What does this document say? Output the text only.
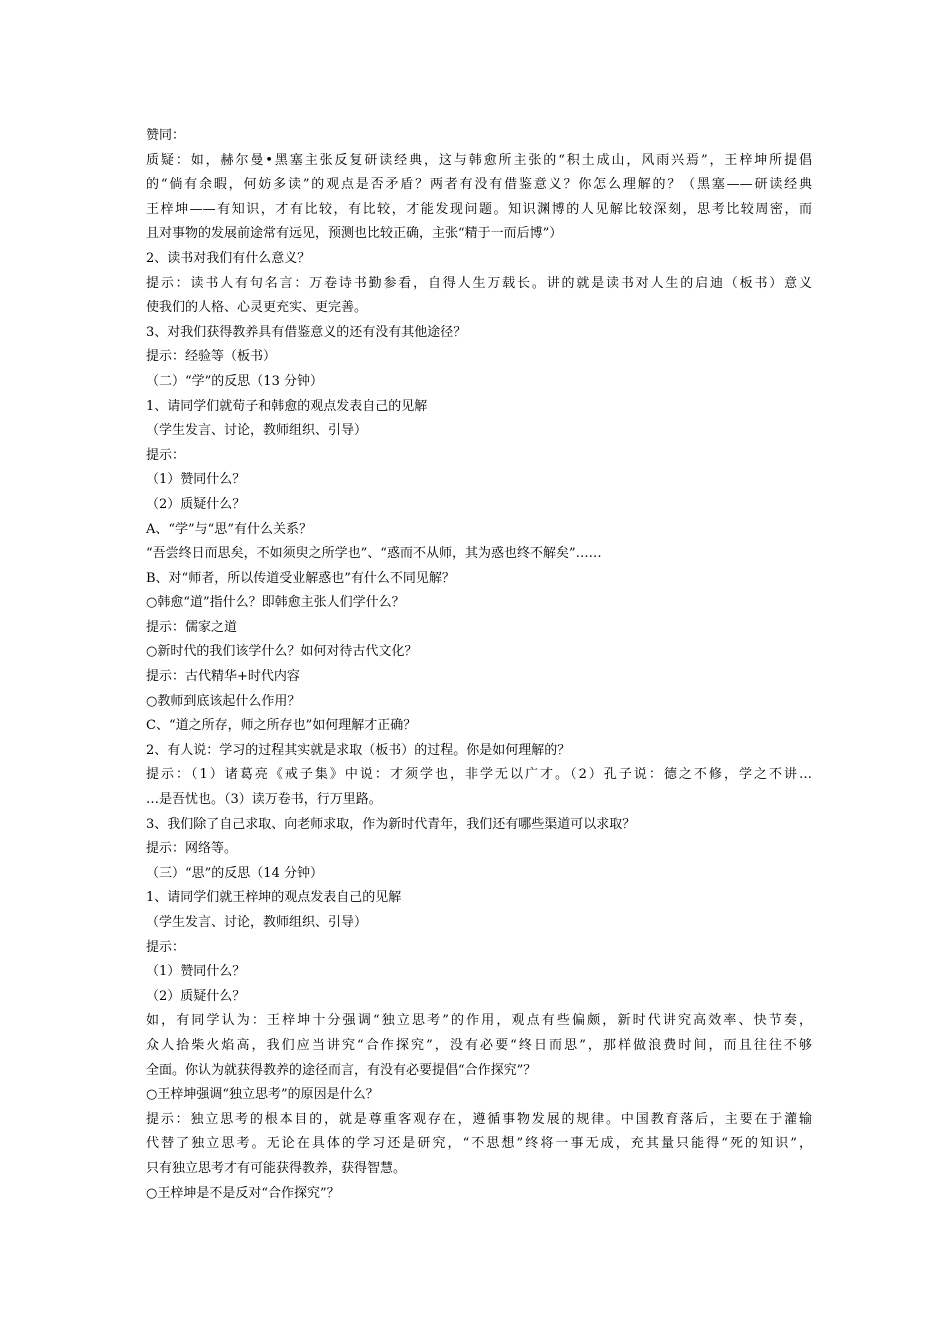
赞同：
质疑：如，赫尔曼•黑塞主张反复研读经典，这与韩愈所主张的“积土成山，风雨兴焉”，王梓坤所提倡
的“倘有余暇，何妨多读”的观点是否矛盾？两者有没有借鉴意义？你怎么理解的？（黑塞——研读经典
王梓坤——有知识，才有比较，有比较，才能发现问题。知识渊博的人见解比较深刻，思考比较周密，而
且对事物的发展前途常有远见，预测也比较正确，主张“精于一而后博”）
2、读书对我们有什么意义？
提示：读书人有句名言：万卷诗书勤参看，自得人生万载长。讲的就是读书对人生的启迪（板书）意义
使我们的人格、心灵更充实、更完善。
3、对我们获得教养具有借鉴意义的还有没有其他途径？
提示：经验等（板书）
（二）“学”的反思（13 分钟）
1、请同学们就荀子和韩愈的观点发表自己的见解
（学生发言、讨论，教师组织、引导）
提示：
（1）赞同什么？
（2）质疑什么？
A、“学”与“思”有什么关系？
“吾尝终日而思矣，不如须臾之所学也”、“惑而不从师，其为惑也终不解矣”……
B、对“师者，所以传道受业解惑也”有什么不同见解？
○韩愈“道”指什么？即韩愈主张人们学什么？
提示：儒家之道
○新时代的我们该学什么？如何对待古代文化？
提示：古代精华+时代内容
○教师到底该起什么作用？
C、“道之所存，师之所存也”如何理解才正确？
2、有人说：学习的过程其实就是求取（板书）的过程。你是如何理解的？
提示：（1）诸葛亮《戒子集》中说：才须学也，非学无以广才。（2）孔子说：德之不修，学之不讲…
…是吾忧也。（3）读万卷书，行万里路。
3、我们除了自己求取、向老师求取，作为新时代青年，我们还有哪些渠道可以求取？
提示：网络等。
（三）“思”的反思（14 分钟）
1、请同学们就王梓坤的观点发表自己的见解
（学生发言、讨论，教师组织、引导）
提示：
（1）赞同什么？
（2）质疑什么？
如，有同学认为：王梓坤十分强调“独立思考”的作用，观点有些偏颇，新时代讲究高效率、快节奏，
众人拾柴火焰高，我们应当讲究“合作探究”，没有必要“终日而思”，那样做浪费时间，而且往往不够
全面。你认为就获得教养的途径而言，有没有必要提倡“合作探究”？
○王梓坤强调“独立思考”的原因是什么？
提示：独立思考的根本目的，就是尊重客观存在，遵循事物发展的规律。中国教育落后，主要在于灌输
代替了独立思考。无论在具体的学习还是研究，“不思想”终将一事无成，充其量只能得“死的知识”，
只有独立思考才有可能获得教养，获得智慧。
○王梓坤是不是反对“合作探究”？
